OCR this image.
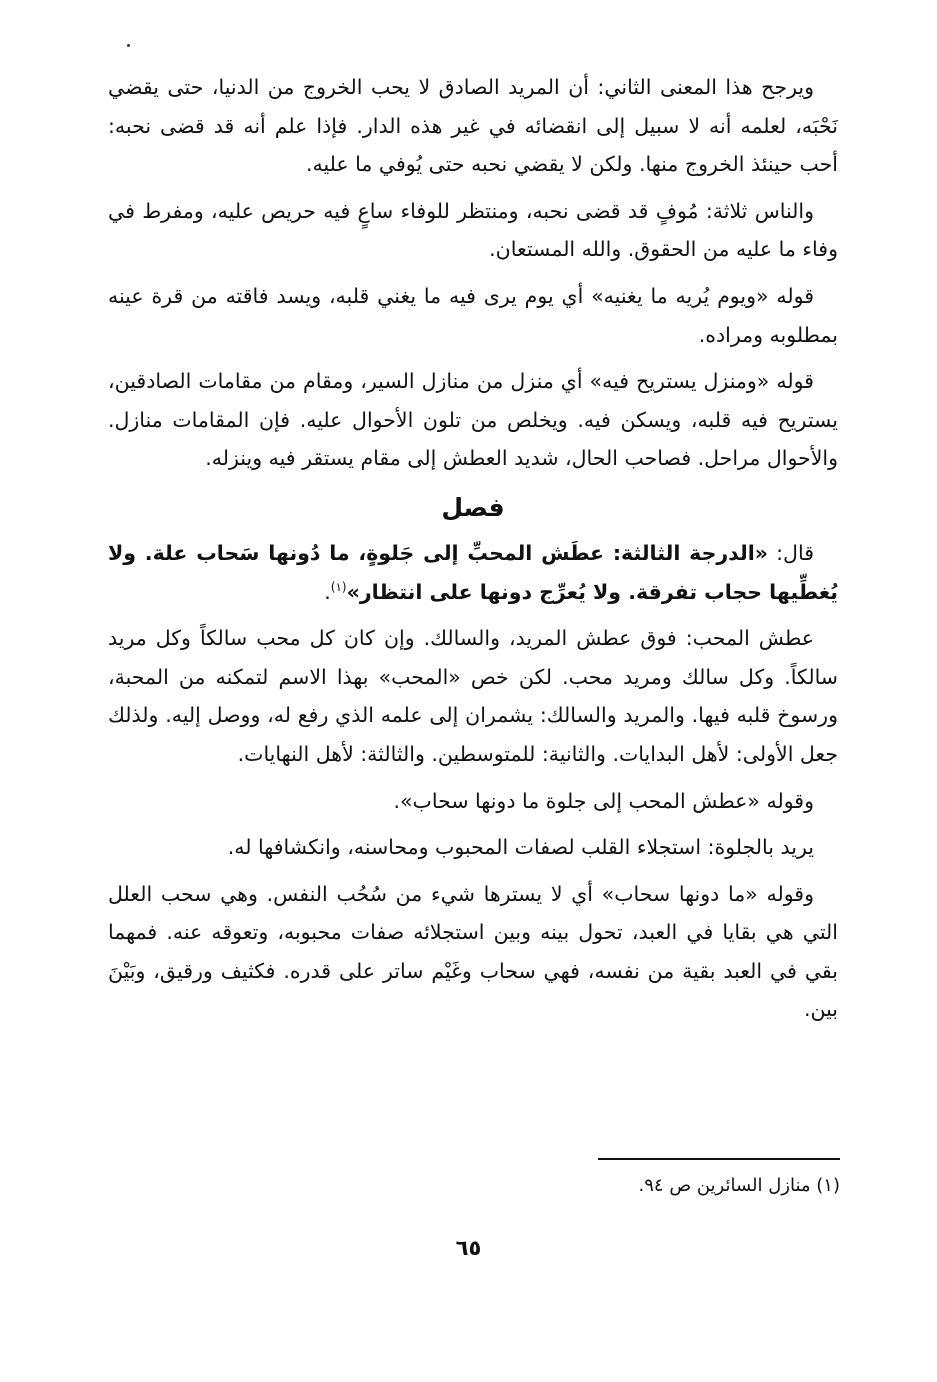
ويرجح هذا المعنى الثاني: أن المريد الصادق لا يحب الخروج من الدنيا، حتى يقضي نَحْبَه، لعلمه أنه لا سبيل إلى انقضائه في غير هذه الدار. فإذا علم أنه قد قضى نحبه: أحب حينئذ الخروج منها. ولكن لا يقضي نحبه حتى يُوفي ما عليه.

والناس ثلاثة: مُوفٍ قد قضى نحبه، ومنتظر للوفاء ساعٍ فيه حريص عليه، ومفرط في وفاء ما عليه من الحقوق. والله المستعان.

قوله «ويوم يُريه ما يغنيه» أي يوم يرى فيه ما يغني قلبه، ويسد فاقته من قرة عينه بمطلوبه ومراده.

قوله «ومنزل يستريح فيه» أي منزل من منازل السير، ومقام من مقامات الصادقين، يستريح فيه قلبه، ويسكن فيه. ويخلص من تلون الأحوال عليه. فإن المقامات منازل. والأحوال مراحل. فصاحب الحال، شديد العطش إلى مقام يستقر فيه وينزله.

فصل

قال: «الدرجة الثالثة: عطَش المحبِّ إلى جَلوةٍ، ما دُونها سَحاب علة. ولا يُغطِّيها حجاب تفرقة. ولا يُعرِّج دونها على انتظار»$^{(١)}$.

عطش المحب: فوق عطش المريد، والسالك. وإن كان كل محب سالكاً وكل مريد سالكاً. وكل سالك ومريد محب. لكن خص «المحب» بهذا الاسم لتمكنه من المحبة، ورسوخ قلبه فيها. والمريد والسالك: يشمران إلى علمه الذي رفع له، ووصل إليه. ولذلك جعل الأولى: لأهل البدايات. والثانية: للمتوسطين. والثالثة: لأهل النهايات.

وقوله «عطش المحب إلى جلوة ما دونها سحاب».

يريد بالجلوة: استجلاء القلب لصفات المحبوب ومحاسنه، وانكشافها له.

وقوله «ما دونها سحاب» أي لا يسترها شيء من سُحُب النفس. وهي سحب العلل التي هي بقايا في العبد، تحول بينه وبين استجلائه صفات محبوبه، وتعوقه عنه. فمهما بقي في العبد بقية من نفسه، فهي سحاب وغَيْم ساتر على قدره. فكثيف ورقيق، وبَيْنَ بين.

(١) منازل السائرين ص ٩٤.
٦٥
